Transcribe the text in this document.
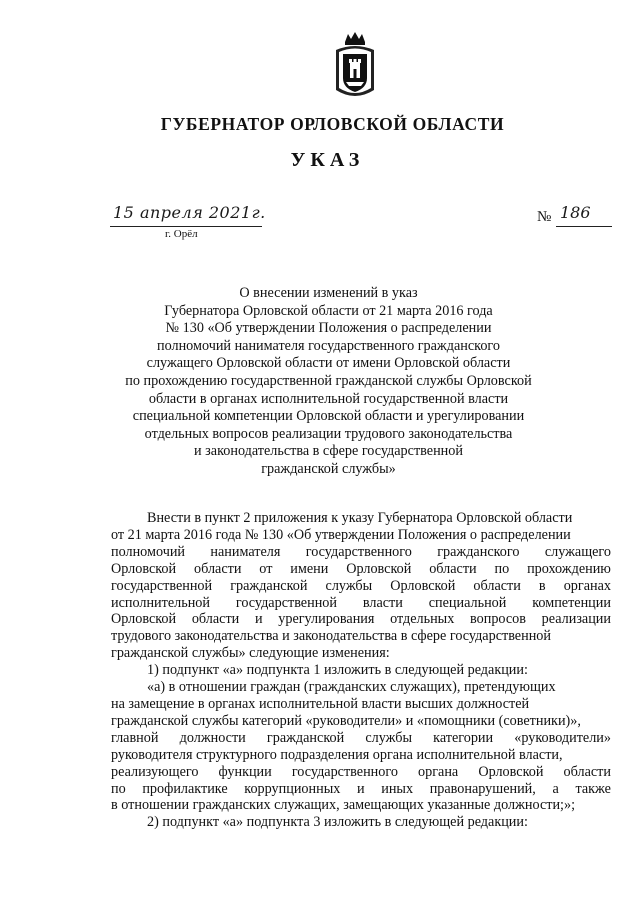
ГУБЕРНАТОР ОРЛОВСКОЙ ОБЛАСТИ
УКАЗ
15 апреля 2021г.
г. Орёл
№ 186
О внесении изменений в указ
Губернатора Орловской области от 21 марта 2016 года
№ 130 «Об утверждении Положения о распределении
полномочий нанимателя государственного гражданского
служащего Орловской области от имени Орловской области
по прохождению государственной гражданской службы Орловской
области в органах исполнительной государственной власти
специальной компетенции Орловской области и урегулировании
отдельных вопросов реализации трудового законодательства
и законодательства в сфере государственной
гражданской службы»
Внести в пункт 2 приложения к указу Губернатора Орловской области
от 21 марта 2016 года № 130 «Об утверждении Положения о распределении
полномочий нанимателя государственного гражданского служащего
Орловской области от имени Орловской области по прохождению
государственной гражданской службы Орловской области в органах
исполнительной государственной власти специальной компетенции
Орловской области и урегулирования отдельных вопросов реализации
трудового законодательства и законодательства в сфере государственной
гражданской службы» следующие изменения:
1) подпункт «а» подпункта 1 изложить в следующей редакции:
«а) в отношении граждан (гражданских служащих), претендующих
на замещение в органах исполнительной власти высших должностей
гражданской службы категорий «руководители» и «помощники (советники)»,
главной должности гражданской службы категории «руководители»
руководителя структурного подразделения органа исполнительной власти,
реализующего функции государственного органа Орловской области
по профилактике коррупционных и иных правонарушений, а также
в отношении гражданских служащих, замещающих указанные должности;»;
2) подпункт «а» подпункта 3 изложить в следующей редакции:
